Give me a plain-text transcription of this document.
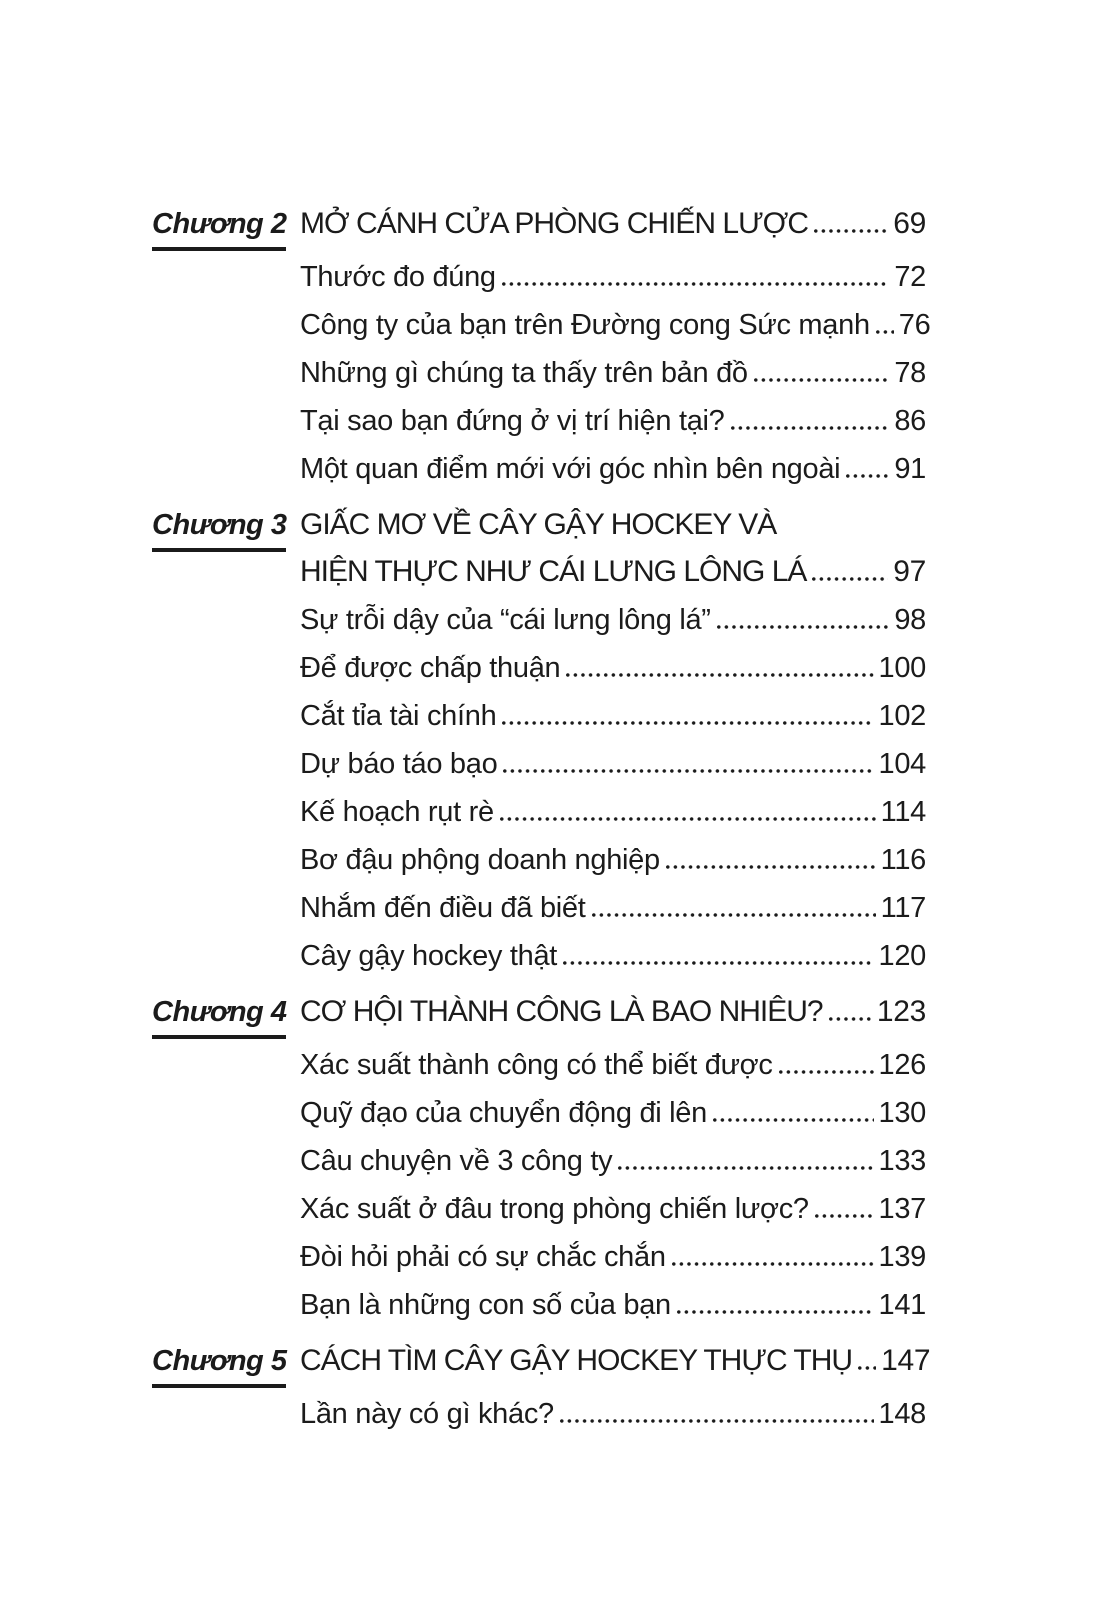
Chương 2 MỞ CÁNH CỬA PHÒNG CHIẾN LƯỢC	69
Thước đo đúng	72
Công ty của bạn trên Đường cong Sức mạnh 76
Những gì chúng ta thấy trên bản đồ	78
Tại sao bạn đứng ở vị trí hiện tại?	86
Một quan điểm mới với góc nhìn bên ngoài 91
Chương 3 GIẤC MƠ VỀ CÂY GẬY HOCKEY VÀ
HIỆN THỰC NHƯ CÁI LƯNG LÔNG LÁ	97
Sự trỗi dậy của “cái lưng lông lá”	98
Để được chấp thuận	100
Cắt tỉa tài chính	102
Dự báo táo bạo	104
Kế hoạch rụt rè	114
Bơ đậu phộng doanh nghiệp	116
Nhắm đến điều đã biết	117
Cây gậy hockey thật	120
Chương 4 CƠ HỘI THÀNH CÔNG LÀ BAO NHIÊU? 123
Xác suất thành công có thể biết được	126
Quỹ đạo của chuyển động đi lên	130
Câu chuyện về 3 công ty	133
Xác suất ở đâu trong phòng chiến lược? 137
Đòi hỏi phải có sự chắc chắn	139
Bạn là những con số của bạn	141
Chương 5 CÁCH TÌM CÂY GẬY HOCKEY THỰC THỤ 147
Lần này có gì khác?	148
